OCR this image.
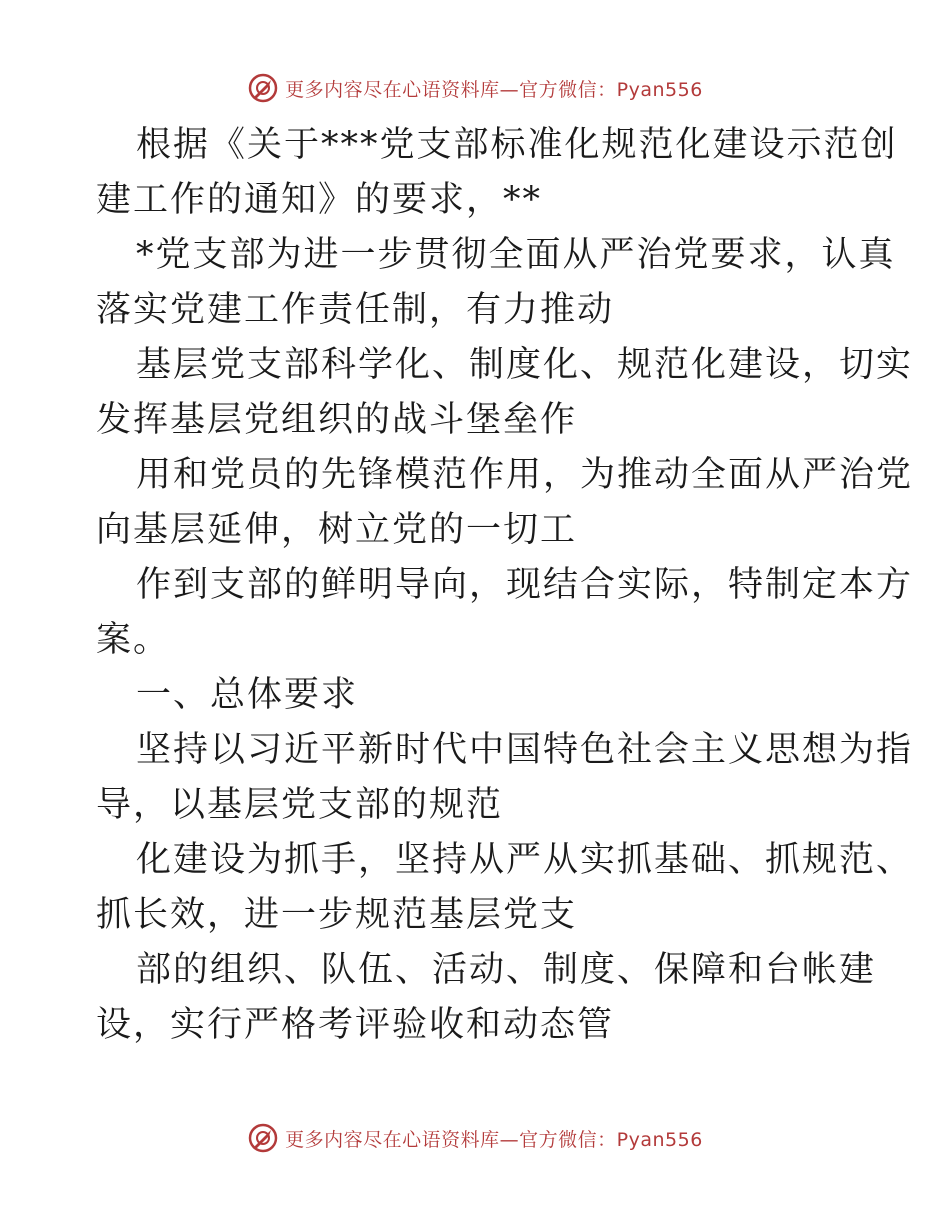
更多内容尽在心语资料库—官方微信：Pyan556
根据《关于***党支部标准化规范化建设示范创
建工作的通知》的要求，**
*党支部为进一步贯彻全面从严治党要求，认真
落实党建工作责任制，有力推动
基层党支部科学化、制度化、规范化建设，切实
发挥基层党组织的战斗堡垒作
用和党员的先锋模范作用，为推动全面从严治党
向基层延伸，树立党的一切工
作到支部的鲜明导向，现结合实际，特制定本方
案。
一、总体要求
坚持以习近平新时代中国特色社会主义思想为指
导，以基层党支部的规范
化建设为抓手，坚持从严从实抓基础、抓规范、
抓长效，进一步规范基层党支
部的组织、队伍、活动、制度、保障和台帐建
设，实行严格考评验收和动态管
更多内容尽在心语资料库—官方微信：Pyan556
